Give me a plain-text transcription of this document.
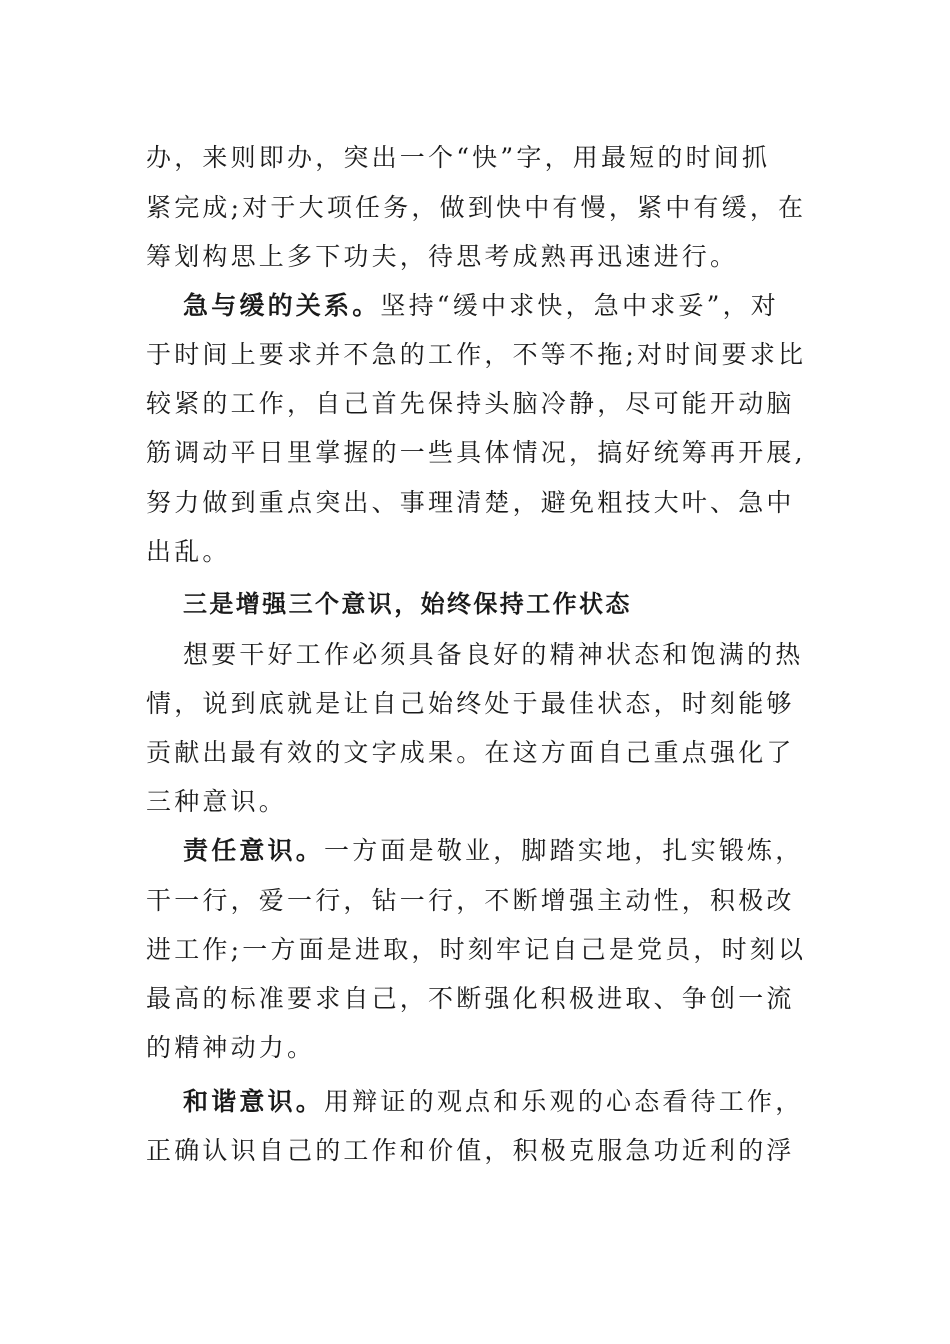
办，来则即办，突出一个“快”字，用最短的时间抓
紧完成;对于大项任务，做到快中有慢，紧中有缓，在
筹划构思上多下功夫，待思考成熟再迅速进行。
急与缓的关系。坚持“缓中求快，急中求妥”，对
于时间上要求并不急的工作，不等不拖;对时间要求比
较紧的工作，自己首先保持头脑冷静，尽可能开动脑
筋调动平日里掌握的一些具体情况，搞好统筹再开展,
努力做到重点突出、事理清楚，避免粗技大叶、急中
出乱。
三是增强三个意识，始终保持工作状态
想要干好工作必须具备良好的精神状态和饱满的热
情，说到底就是让自己始终处于最佳状态，时刻能够
贡献出最有效的文字成果。在这方面自己重点强化了
三种意识。
责任意识。一方面是敬业，脚踏实地，扎实锻炼，
干一行，爱一行，钻一行，不断增强主动性，积极改
进工作;一方面是进取，时刻牢记自己是党员，时刻以
最高的标准要求自己，不断强化积极进取、争创一流
的精神动力。
和谐意识。用辩证的观点和乐观的心态看待工作，
正确认识自己的工作和价值，积极克服急功近利的浮
